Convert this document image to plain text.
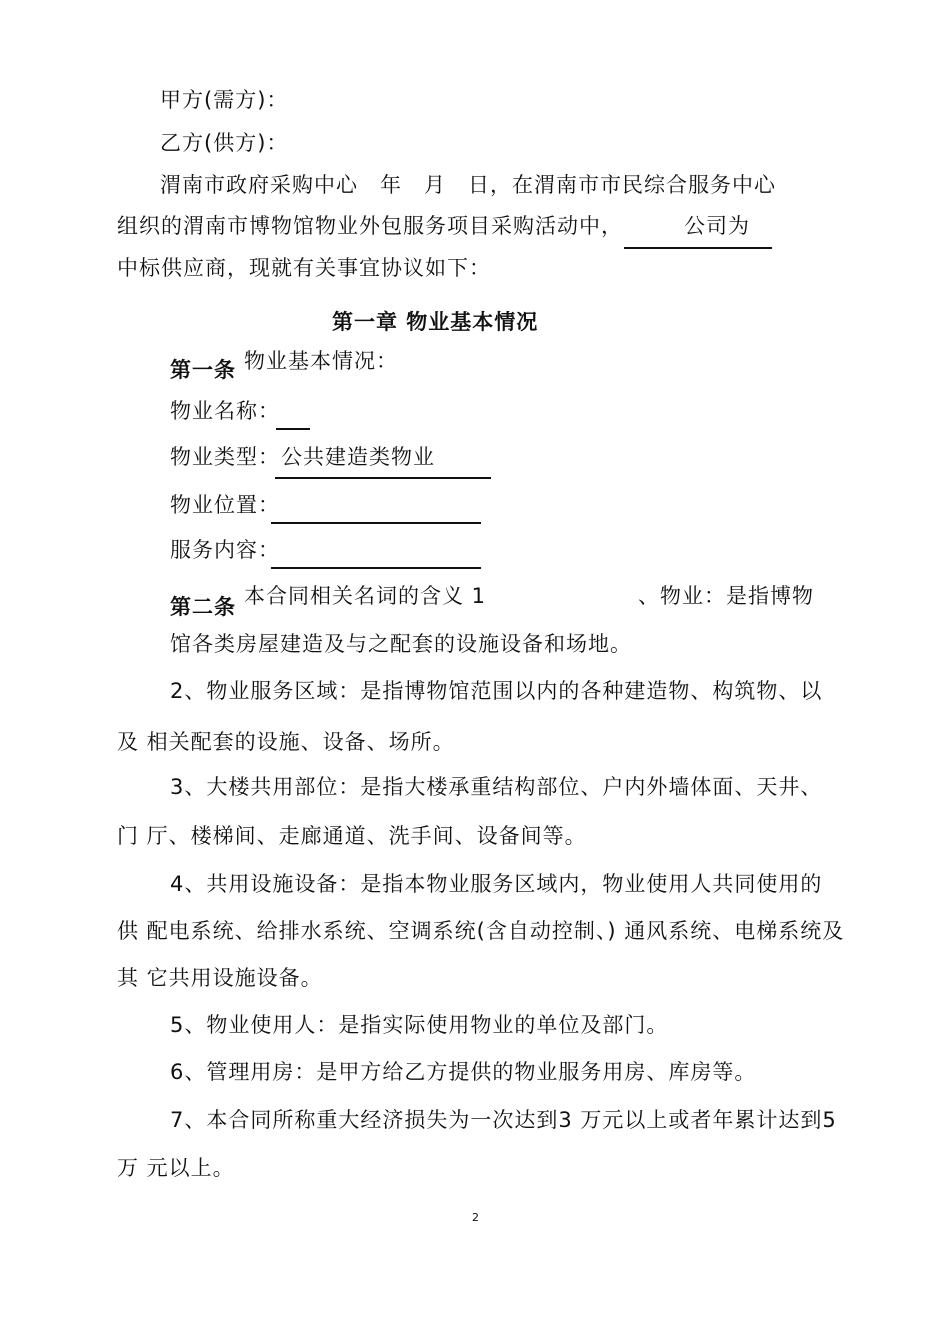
甲方(需方)：
乙方(供方)：
渭南市政府采购中心　年　月　日，在渭南市市民综合服务中心
组织的渭南市博物馆物业外包服务项目采购活动中，	公司为
中标供应商，现就有关事宜协议如下：
第一章 物业基本情况
第一条 物业基本情况：
物业名称：
物业类型： 公共建造类物业
物业位置：
服务内容：
第二条 本合同相关名词的含义 1	、物业：是指博物
馆各类房屋建造及与之配套的设施设备和场地。
2、物业服务区域：是指博物馆范围以内的各种建造物、构筑物、以
及 相关配套的设施、设备、场所。
3、大楼共用部位：是指大楼承重结构部位、户内外墙体面、天井、
门 厅、楼梯间、走廊通道、洗手间、设备间等。
4、共用设施设备：是指本物业服务区域内，物业使用人共同使用的
供 配电系统、给排水系统、空调系统(含自动控制、) 通风系统、电梯系统及
其 它共用设施设备。
5、物业使用人：是指实际使用物业的单位及部门。
6、管理用房：是甲方给乙方提供的物业服务用房、库房等。
7、本合同所称重大经济损失为一次达到3 万元以上或者年累计达到5
万 元以上。
2
